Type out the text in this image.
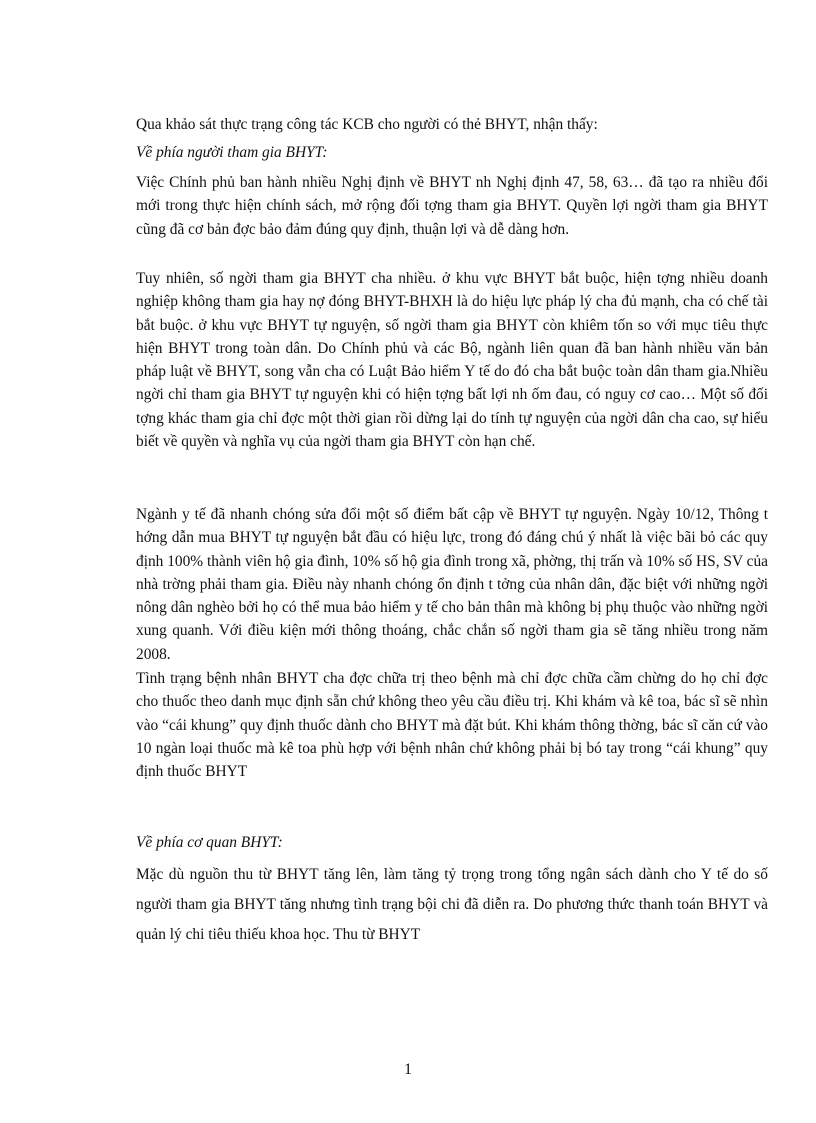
Qua khảo sát thực trạng công tác KCB cho người có thẻ BHYT, nhận thấy:
Về phía người tham gia BHYT:
Việc Chính phủ ban hành nhiều Nghị định về BHYT nh Nghị định 47, 58, 63… đã tạo ra nhiều đổi mới trong thực hiện chính sách, mở rộng đối tợng tham gia BHYT. Quyền lợi ngời tham gia BHYT cũng đã cơ bản đợc bảo đảm đúng quy định, thuận lợi và dễ dàng hơn.
Tuy nhiên, số ngời tham gia BHYT cha nhiều. ở khu vực BHYT bắt buộc, hiện tợng nhiều doanh nghiệp không tham gia hay nợ đóng BHYT-BHXH là do hiệu lực pháp lý cha đủ mạnh, cha có chế tài bắt buộc. ở khu vực BHYT tự nguyện, số ngời tham gia BHYT còn khiêm tốn so với mục tiêu thực hiện BHYT trong toàn dân. Do Chính phủ và các Bộ, ngành liên quan đã ban hành nhiều văn bản pháp luật về BHYT, song vẫn cha có Luật Bảo hiểm Y tế do đó cha bắt buộc toàn dân tham gia.Nhiều ngời chỉ tham gia BHYT tự nguyện khi có hiện tợng bất lợi nh ốm đau, có nguy cơ cao… Một số đối tợng khác tham gia chỉ đợc một thời gian rồi dừng lại do tính tự nguyện của ngời dân cha cao, sự hiểu biết về quyền và nghĩa vụ của ngời tham gia BHYT còn hạn chế.
Ngành y tế đã nhanh chóng sửa đổi một số điểm bất cập về BHYT tự nguyện. Ngày 10/12, Thông t hớng dẫn mua BHYT tự nguyện bắt đầu có hiệu lực, trong đó đáng chú ý nhất là việc bãi bỏ các quy định 100% thành viên hộ gia đình, 10% số hộ gia đình trong xã, phờng, thị trấn và 10% số HS, SV của nhà trờng phải tham gia. Điều này nhanh chóng ổn định t tởng của nhân dân, đặc biệt với những ngời nông dân nghèo bởi họ có thể mua bảo hiểm y tế cho bản thân mà không bị phụ thuộc vào những ngời xung quanh. Với điều kiện mới thông thoáng, chắc chắn số ngời tham gia sẽ tăng nhiều trong năm 2008.
Tình trạng bệnh nhân BHYT cha đợc chữa trị theo bệnh mà chỉ đợc chữa cầm chừng do họ chỉ đợc cho thuốc theo danh mục định sẵn chứ không theo yêu cầu điều trị. Khi khám và kê toa, bác sĩ sẽ nhìn vào “cái khung” quy định thuốc dành cho BHYT mà đặt bút. Khi khám thông thờng, bác sĩ căn cứ vào 10 ngàn loại thuốc mà kê toa phù hợp với bệnh nhân chứ không phải bị bó tay trong “cái khung” quy định thuốc BHYT
Về phía cơ quan BHYT:
Mặc dù nguồn thu từ BHYT tăng lên, làm tăng tỷ trọng trong tổng ngân sách dành cho Y tế do số người tham gia BHYT tăng nhưng tình trạng bội chi đã diễn ra. Do phương thức thanh toán BHYT và quản lý chi tiêu thiếu khoa học. Thu từ BHYT
1
